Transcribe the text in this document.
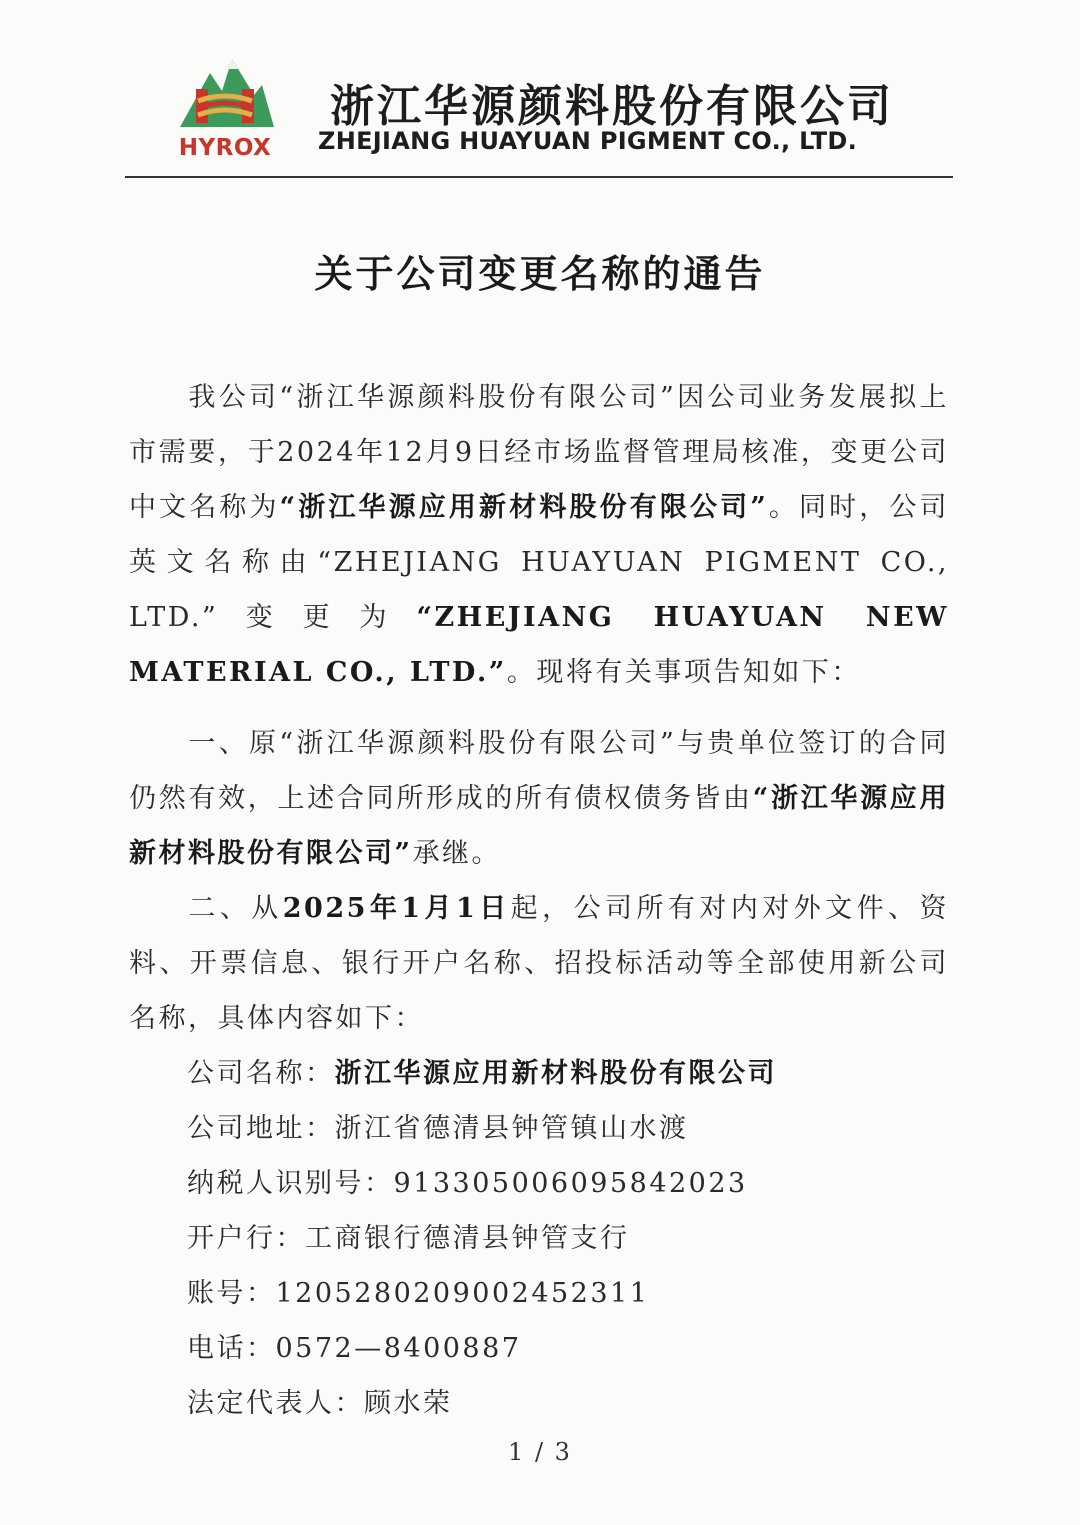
HYROX
浙江华源颜料股份有限公司
ZHEJIANG HUAYUAN PIGMENT CO., LTD.
关于公司变更名称的通告

我公司“浙江华源颜料股份有限公司”因公司业务发展拟上市需要，于2024年12月9日经市场监督管理局核准，变更公司中文名称为“浙江华源应用新材料股份有限公司”。同时，公司英文名称由“ZHEJIANG HUAYUAN PIGMENT CO., LTD.”变更为“ZHEJIANG HUAYUAN NEW MATERIAL CO., LTD.”。现将有关事项告知如下：

一、原“浙江华源颜料股份有限公司”与贵单位签订的合同仍然有效，上述合同所形成的所有债权债务皆由“浙江华源应用新材料股份有限公司”承继。

二、从2025年1月1日起，公司所有对内对外文件、资料、开票信息、银行开户名称、招投标活动等全部使用新公司名称，具体内容如下：

公司名称：浙江华源应用新材料股份有限公司
公司地址：浙江省德清县钟管镇山水渡
纳税人识别号：913305006095842023
开户行：工商银行德清县钟管支行
账号：1205280209002452311
电话：0572—8400887
法定代表人：顾水荣
1 / 3
